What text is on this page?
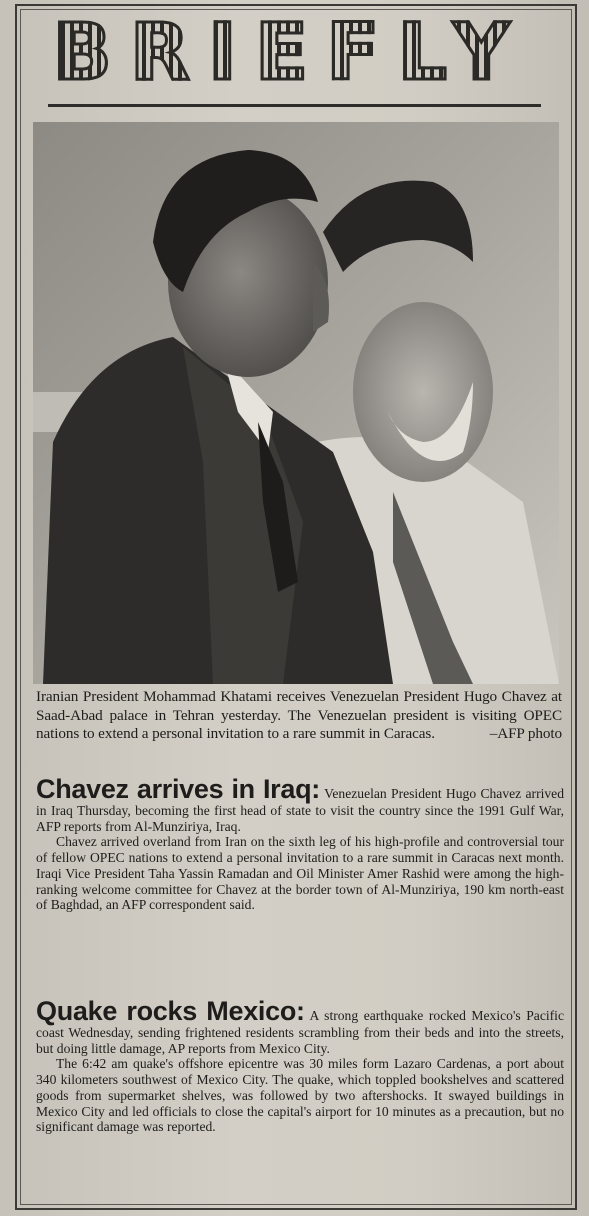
BRIEFLY
Iranian President Mohammad Khatami receives Venezuelan President Hugo Chavez at Saad-Abad palace in Tehran yesterday. The Venezuelan president is visiting OPEC nations to extend a personal invitation to a rare summit in Caracas.	–AFP photo

Chavez arrives in Iraq: Venezuelan President Hugo Chavez arrived in Iraq Thursday, becoming the first head of state to visit the country since the 1991 Gulf War, AFP reports from Al-Munziriya, Iraq.

Chavez arrived overland from Iran on the sixth leg of his high-profile and controversial tour of fellow OPEC nations to extend a personal invitation to a rare summit in Caracas next month. Iraqi Vice President Taha Yassin Ramadan and Oil Minister Amer Rashid were among the high-ranking welcome committee for Chavez at the border town of Al-Munziriya, 190 km north-east of Baghdad, an AFP correspondent said.

Quake rocks Mexico: A strong earthquake rocked Mexico's Pacific coast Wednesday, sending frightened residents scrambling from their beds and into the streets, but doing little damage, AP reports from Mexico City.

The 6:42 am quake's offshore epicentre was 30 miles form Lazaro Cardenas, a port about 340 kilometers southwest of Mexico City. The quake, which toppled bookshelves and scattered goods from supermarket shelves, was followed by two aftershocks. It swayed buildings in Mexico City and led officials to close the capital's airport for 10 minutes as a precaution, but no significant damage was reported.
